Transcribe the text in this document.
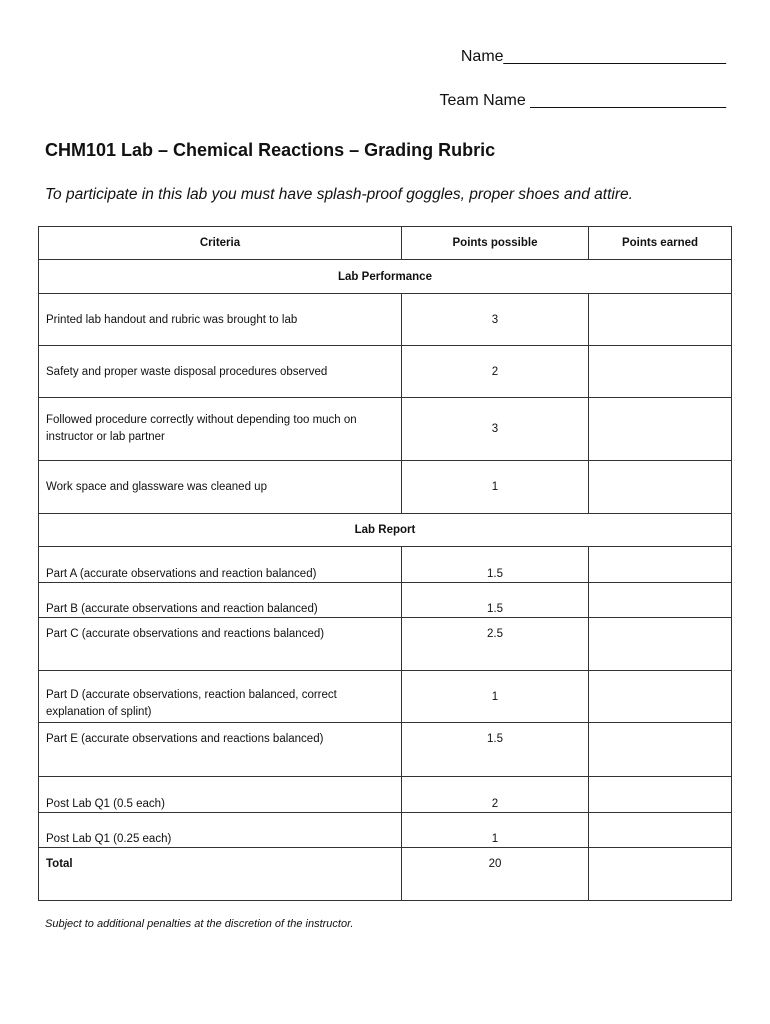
Name_________________________
Team Name ______________________
CHM101 Lab – Chemical Reactions – Grading Rubric
To participate in this lab you must have splash-proof goggles, proper shoes and attire.
Criteria	Points possible	Points earned
Lab Performance		
Printed lab handout and rubric was brought to lab	3	
Safety and proper waste disposal procedures observed	2	
Followed procedure correctly without depending too much on instructor or lab partner	3	
Work space and glassware was cleaned up	1	
Lab Report		
Part A (accurate observations and reaction balanced)	1.5	
Part B (accurate observations and reaction balanced)	1.5	
Part C (accurate observations and reactions balanced)	2.5	
Part D (accurate observations, reaction balanced, correct explanation of splint)	1	
Part E (accurate observations and reactions balanced)	1.5	
Post Lab Q1 (0.5 each)	2	
Post Lab Q1 (0.25 each)	1	
Total	20	
Subject to additional penalties at the discretion of the instructor.
